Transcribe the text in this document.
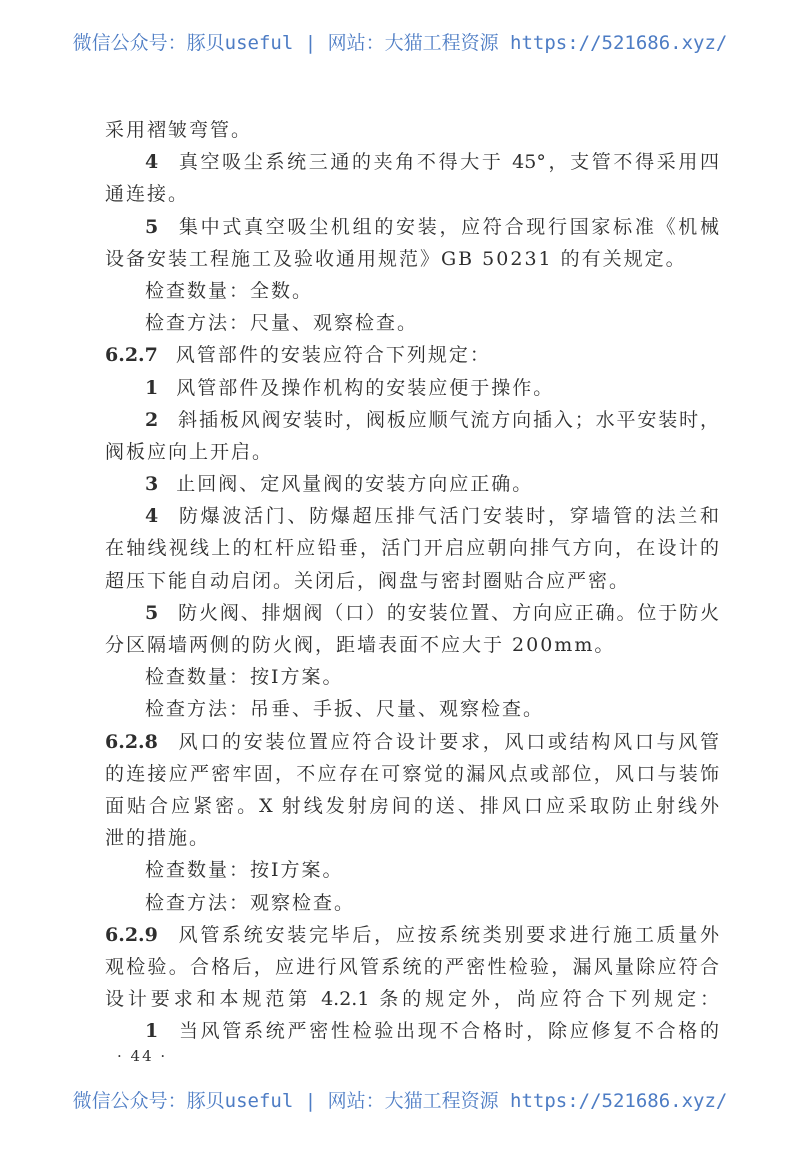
微信公众号：豚贝useful | 网站：大猫工程资源 https://521686.xyz/
采用褶皱弯管。
4 真空吸尘系统三通的夹角不得大于 45°，支管不得采用四
通连接。
5 集中式真空吸尘机组的安装，应符合现行国家标准《机械
设备安装工程施工及验收通用规范》GB 50231 的有关规定。
检查数量：全数。
检查方法：尺量、观察检查。
6.2.7 风管部件的安装应符合下列规定：
1 风管部件及操作机构的安装应便于操作。
2 斜插板风阀安装时，阀板应顺气流方向插入；水平安装时，
阀板应向上开启。
3 止回阀、定风量阀的安装方向应正确。
4 防爆波活门、防爆超压排气活门安装时，穿墙管的法兰和
在轴线视线上的杠杆应铅垂，活门开启应朝向排气方向，在设计的
超压下能自动启闭。关闭后，阀盘与密封圈贴合应严密。
5 防火阀、排烟阀（口）的安装位置、方向应正确。位于防火
分区隔墙两侧的防火阀，距墙表面不应大于 200mm。
检查数量：按Ⅰ方案。
检查方法：吊垂、手扳、尺量、观察检查。
6.2.8 风口的安装位置应符合设计要求，风口或结构风口与风管
的连接应严密牢固，不应存在可察觉的漏风点或部位，风口与装饰
面贴合应紧密。X 射线发射房间的送、排风口应采取防止射线外
泄的措施。
检查数量：按Ⅰ方案。
检查方法：观察检查。
6.2.9 风管系统安装完毕后，应按系统类别要求进行施工质量外
观检验。合格后，应进行风管系统的严密性检验，漏风量除应符合
设计要求和本规范第 4.2.1 条的规定外，尚应符合下列规定：
1 当风管系统严密性检验出现不合格时，除应修复不合格的
· 44 ·
微信公众号：豚贝useful | 网站：大猫工程资源 https://521686.xyz/
